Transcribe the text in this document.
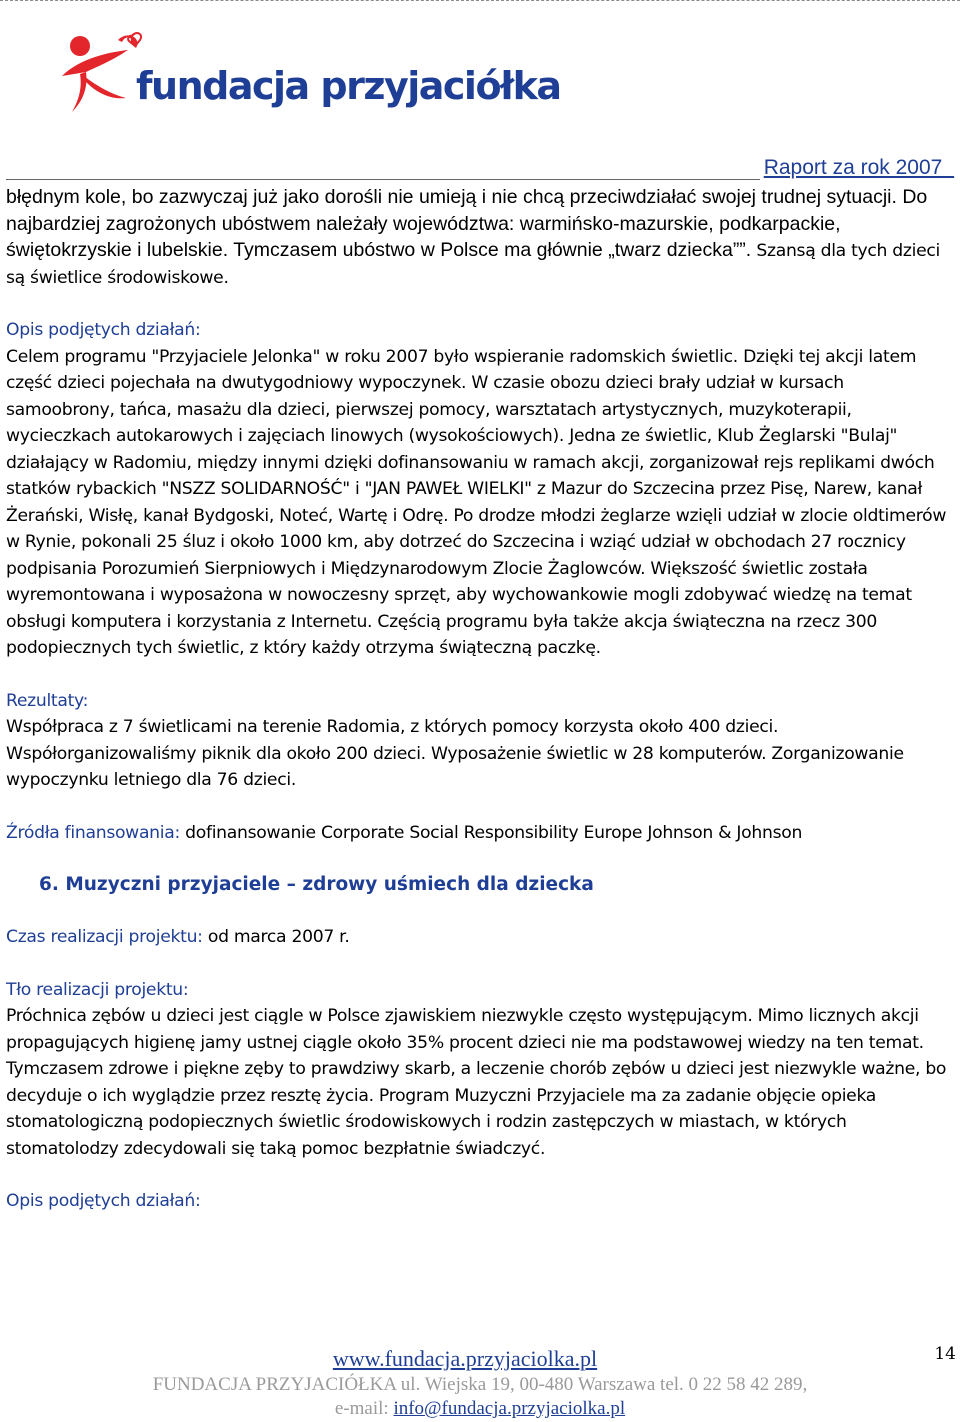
fundacja przyjaciółka
Raport za rok 2007_

błędnym kole, bo zazwyczaj już jako dorośli nie umieją i nie chcą przeciwdziałać swojej trudnej sytuacji. Do najbardziej zagrożonych ubóstwem należały województwa: warmińsko-mazurskie, podkarpackie, świętokrzyskie i lubelskie. Tymczasem ubóstwo w Polsce ma głównie „twarz dziecka””. Szansą dla tych dzieci są świetlice środowiskowe.

Opis podjętych działań:

Celem programu "Przyjaciele Jelonka" w roku 2007 było wspieranie radomskich świetlic. Dzięki tej akcji latem część dzieci pojechała na dwutygodniowy wypoczynek. W czasie obozu dzieci brały udział w kursach samoobrony, tańca, masażu dla dzieci, pierwszej pomocy, warsztatach artystycznych, muzykoterapii, wycieczkach autokarowych i zajęciach linowych (wysokościowych). Jedna ze świetlic, Klub Żeglarski "Bulaj" działający w Radomiu, między innymi dzięki dofinansowaniu w ramach akcji, zorganizował rejs replikami dwóch statków rybackich "NSZZ SOLIDARNOŚĆ" i "JAN PAWEŁ WIELKI" z Mazur do Szczecina przez Pisę, Narew, kanał Żerański, Wisłę, kanał Bydgoski, Noteć, Wartę i Odrę. Po drodze młodzi żeglarze wzięli udział w zlocie oldtimerów w Rynie, pokonali 25 śluz i około 1000 km, aby dotrzeć do Szczecina i wziąć udział w obchodach 27 rocznicy podpisania Porozumień Sierpniowych i Międzynarodowym Zlocie Żaglowców. Większość świetlic została wyremontowana i wyposażona w nowoczesny sprzęt, aby wychowankowie mogli zdobywać wiedzę na temat obsługi komputera i korzystania z Internetu. Częścią programu była także akcja świąteczna na rzecz 300 podopiecznych tych świetlic, z który każdy otrzyma świąteczną paczkę.

Rezultaty:

Współpraca z 7 świetlicami na terenie Radomia, z których pomocy korzysta około 400 dzieci. Współorganizowaliśmy piknik dla około 200 dzieci. Wyposażenie świetlic w 28 komputerów. Zorganizowanie wypoczynku letniego dla 76 dzieci.

Źródła finansowania: dofinansowanie Corporate Social Responsibility Europe Johnson & Johnson

6. Muzyczni przyjaciele – zdrowy uśmiech dla dziecka

Czas realizacji projektu: od marca 2007 r.

Tło realizacji projektu:

Próchnica zębów u dzieci jest ciągle w Polsce zjawiskiem niezwykle często występującym. Mimo licznych akcji propagujących higienę jamy ustnej ciągle około 35% procent dzieci nie ma podstawowej wiedzy na ten temat. Tymczasem zdrowe i piękne zęby to prawdziwy skarb, a leczenie chorób zębów u dzieci jest niezwykle ważne, bo decyduje o ich wyglądzie przez resztę życia. Program Muzyczni Przyjaciele ma za zadanie objęcie opieka stomatologiczną podopiecznych świetlic środowiskowych i rodzin zastępczych w miastach, w których stomatolodzy zdecydowali się taką pomoc bezpłatnie świadczyć.

Opis podjętych działań:

14
www.fundacja.przyjaciolka.pl
FUNDACJA PRZYJACIÓŁKA ul. Wiejska 19, 00-480 Warszawa tel. 0 22 58 42 289,
e-mail: info@fundacja.przyjaciolka.pl
